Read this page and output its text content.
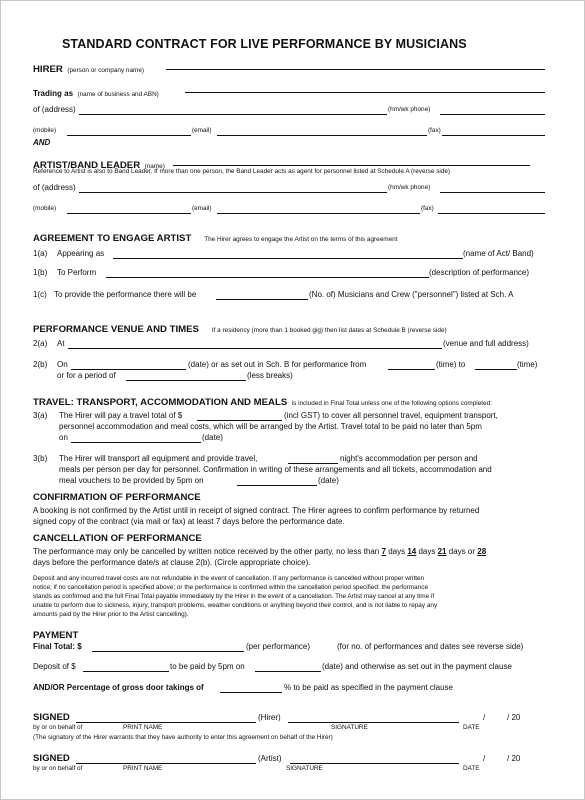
STANDARD CONTRACT FOR LIVE PERFORMANCE BY MUSICIANS
HIRER (person or company name)
Trading as (name of business and ABN)
of (address)	(hm/wk phone)
(mobile)	(email)	(fax)
AND
ARTIST/BAND LEADER (name)
Reference to Artist is also to Band Leader. If more than one person, the Band Leader acts as agent for personnel listed at Schedule A (reverse side)
of (address)	(hm/wk phone)
(mobile)	(email)	(fax)
AGREEMENT TO ENGAGE ARTIST The Hirer agrees to engage the Artist on the terms of this agreement
1(a) Appearing as	(name of Act/ Band)
1(b) To Perform	(description of performance)
1(c) To provide the performance there will be	(No. of) Musicians and Crew ("personnel") listed at Sch. A
PERFORMANCE VENUE AND TIMES If a residency (more than 1 booked gig) then list dates at Schedule B (reverse side)
2(a) At	(venue and full address)
2(b) On	(date) or as set out in Sch. B for performance from	(time) to	(time)
or for a period of	(less breaks)
TRAVEL: TRANSPORT, ACCOMMODATION AND MEALS is included in Final Total unless one of the following options completed:
3(a) The Hirer will pay a travel total of $	(incl GST) to cover all personnel travel, equipment transport,
personnel accommodation and meal costs, which will be arranged by the Artist. Travel total to be paid no later than 5pm
on	(date)
3(b) The Hirer will transport all equipment and provide travel,	night's accommodation per person and
meals per person per day for personnel. Confirmation in writing of these arrangements and all tickets, accommodation and
meal vouchers to be provided by 5pm on	(date)
CONFIRMATION OF PERFORMANCE
A booking is not confirmed by the Artist until in receipt of signed contract. The Hirer agrees to confirm performance by returned
signed copy of the contract (via mail or fax) at least 7 days before the performance date.
CANCELLATION OF PERFORMANCE
The performance may only be cancelled by written notice received by the other party, no less than 7 days 14 days 21 days or 28
days before the performance date/s at clause 2(b). (Circle appropriate choice).
Deposit and any incurred travel costs are not refundable in the event of cancellation. If any performance is cancelled without proper written
notice; if no cancellation period is specified above; or the performance is confirmed within the cancellation period specified: the performance
stands as confirmed and the full Final Total payable immediately by the Hirer in the event of a cancellation. The Artist may cancel at any time if
unable to perform due to sickness, injury, transport problems, weather conditions or anything beyond their control, and is not liable to repay any
amounts paid by the Hirer prior to the Artist cancelling).
PAYMENT
Final Total: $	(per performance)	(for no. of performances and dates see reverse side)
Deposit of $	to be paid by 5pm on	(date) and otherwise as set out in the payment clause
AND/OR Percentage of gross door takings of	% to be paid as specified in the payment clause
SIGNED	(Hirer)	/	/ 20
by or on behalf of	PRINT NAME	SIGNATURE	DATE
(The signatory of the Hirer warrants that they have authority to enter this agreement on behalf of the Hirer)
SIGNED	(Artist)	/	/ 20
by or on behalf of	PRINT NAME	SIGNATURE	DATE
